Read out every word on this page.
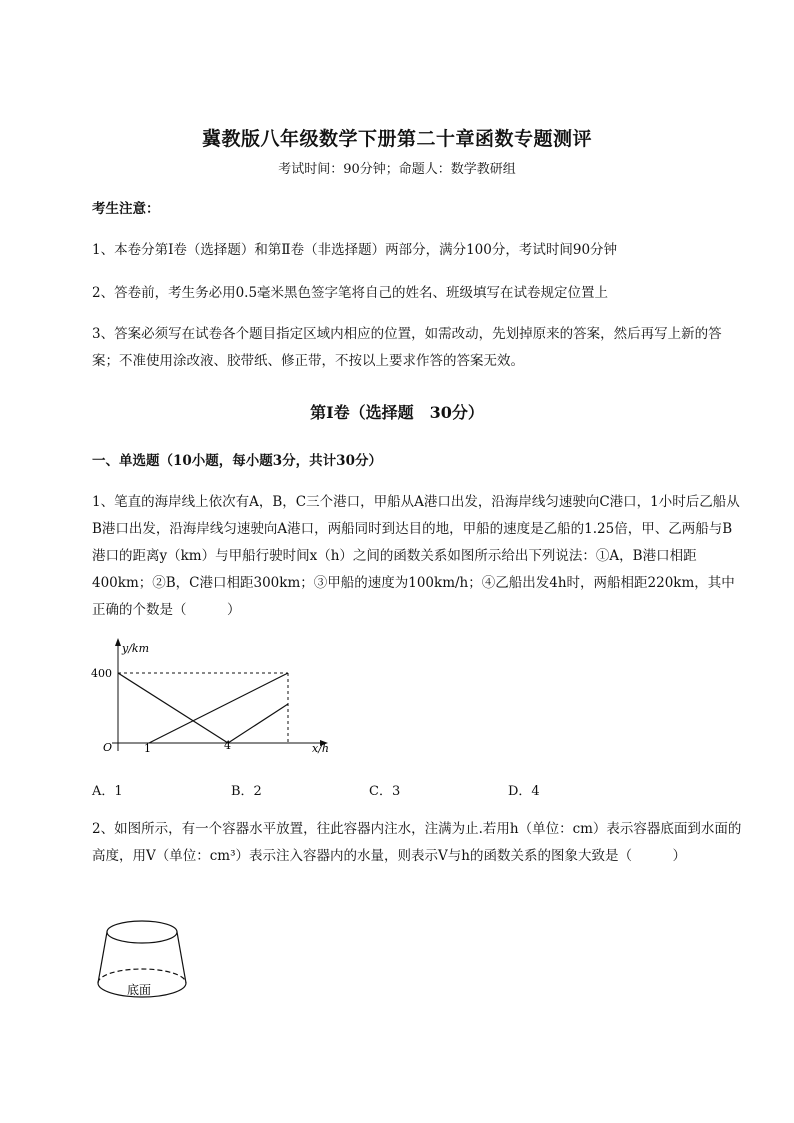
冀教版八年级数学下册第二十章函数专题测评
考试时间：90分钟；命题人：数学教研组
考生注意：
1、本卷分第I卷（选择题）和第Ⅱ卷（非选择题）两部分，满分100分，考试时间90分钟
2、答卷前，考生务必用0.5毫米黑色签字笔将自己的姓名、班级填写在试卷规定位置上
3、答案必须写在试卷各个题目指定区域内相应的位置，如需改动，先划掉原来的答案，然后再写上新的答案；不准使用涂改液、胶带纸、修正带，不按以上要求作答的答案无效。
第I卷（选择题　30分）
一、单选题（10小题，每小题3分，共计30分）
1、笔直的海岸线上依次有A，B，C三个港口，甲船从A港口出发，沿海岸线匀速驶向C港口，1小时后乙船从B港口出发，沿海岸线匀速驶向A港口，两船同时到达目的地，甲船的速度是乙船的1.25倍，甲、乙两船与B港口的距离y（km）与甲船行驶时间x（h）之间的函数关系如图所示给出下列说法：①A，B港口相距400km；②B，C港口相距300km；③甲船的速度为100km/h；④乙船出发4h时，两船相距220km，其中正确的个数是（　　　）
y/km
x/h
O
400
1	4
A．1	B．2	C．3	D．4
2、如图所示，有一个容器水平放置，往此容器内注水，注满为止.若用h（单位：cm）表示容器底面到水面的高度，用V（单位：cm³）表示注入容器内的水量，则表示V与h的函数关系的图象大致是（　　　）
底面
